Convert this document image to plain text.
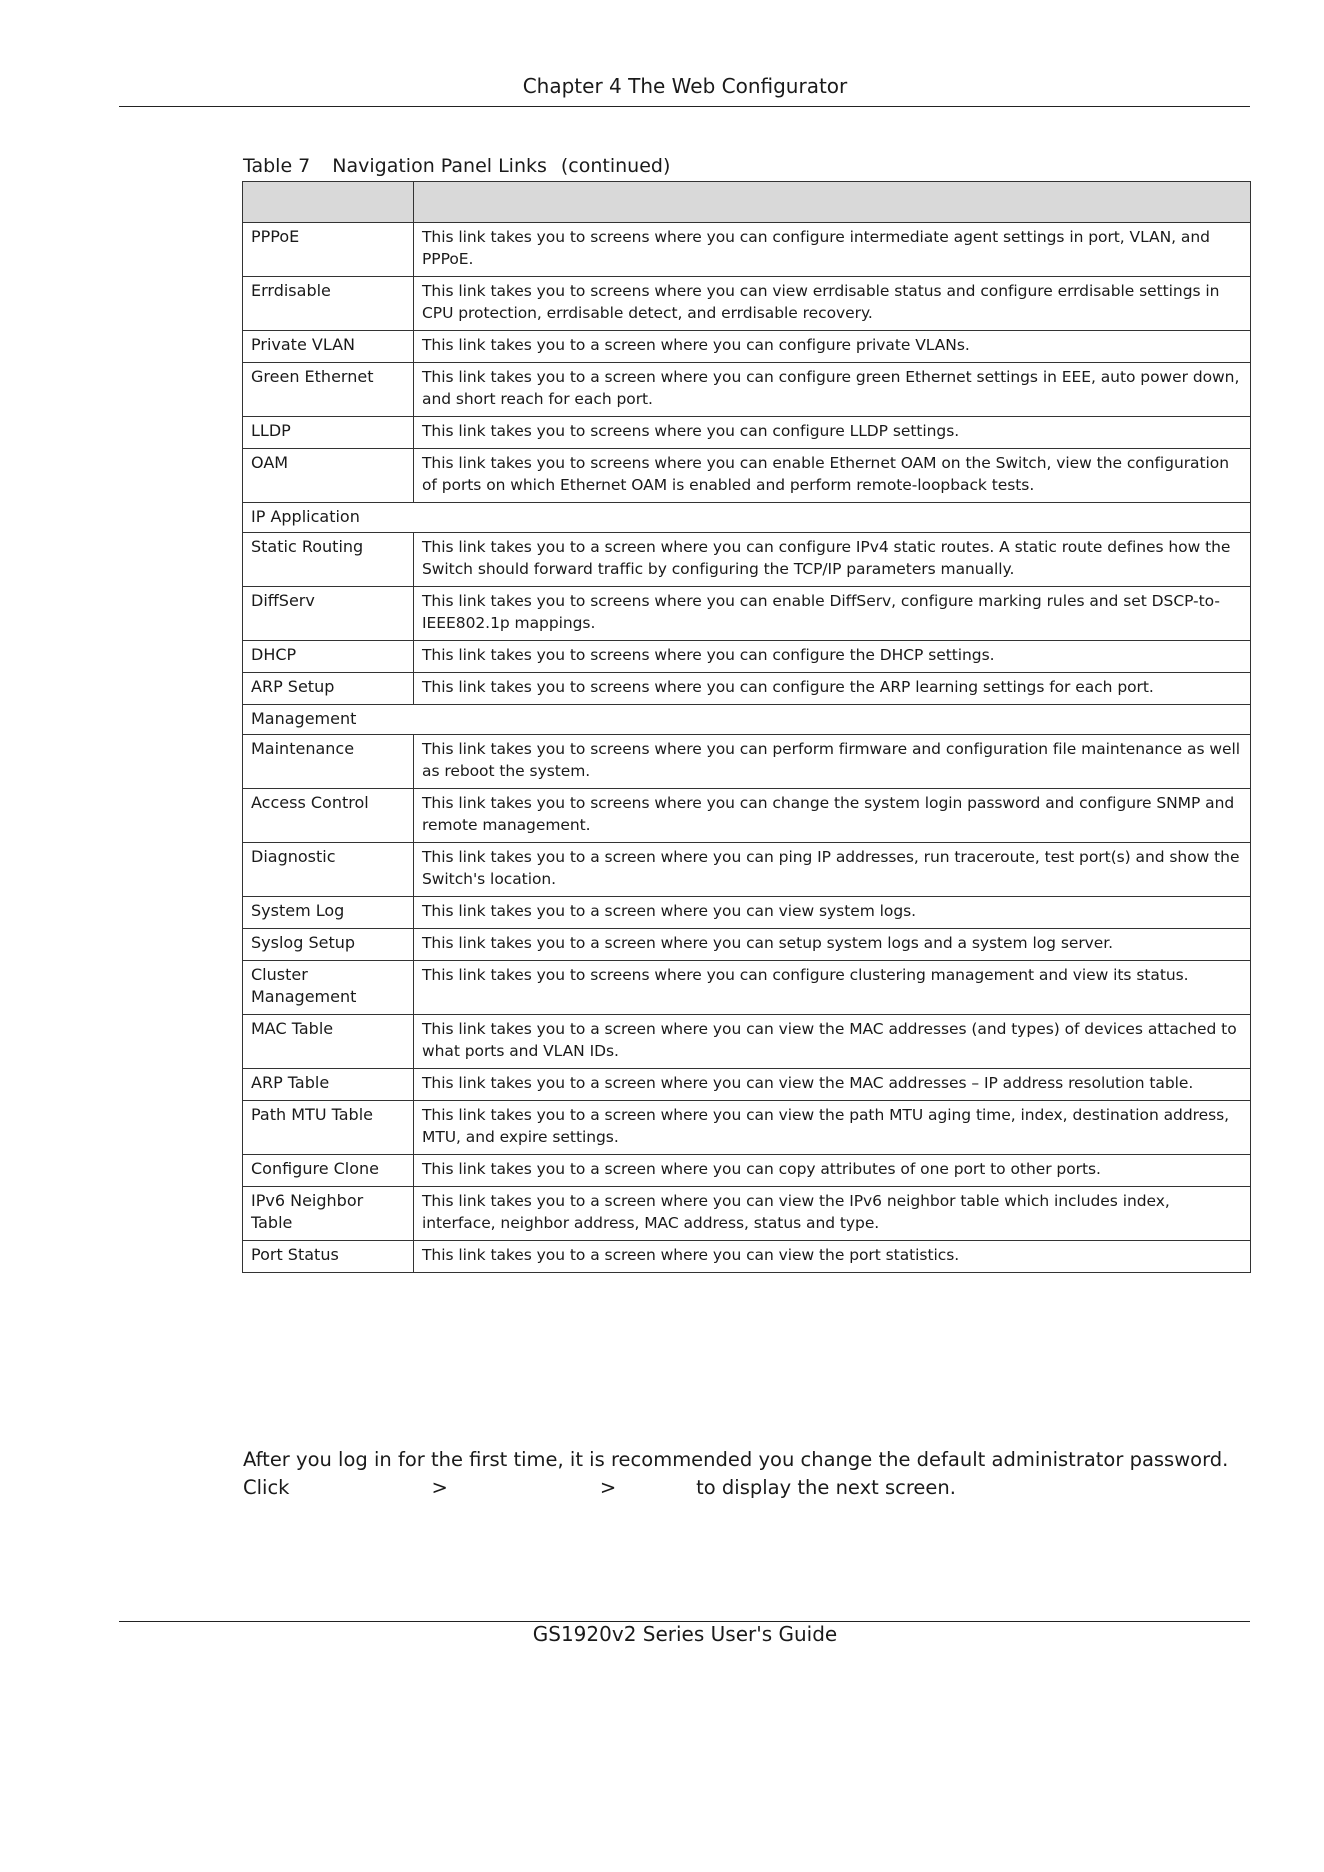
Chapter 4 The Web Configurator
Table 7 Navigation Panel Links (continued)

PPPoE	This link takes you to screens where you can configure intermediate agent settings in port, VLAN, and PPPoE.
Errdisable	This link takes you to screens where you can view errdisable status and configure errdisable settings in CPU protection, errdisable detect, and errdisable recovery.
Private VLAN	This link takes you to a screen where you can configure private VLANs.
Green Ethernet	This link takes you to a screen where you can configure green Ethernet settings in EEE, auto power down, and short reach for each port.
LLDP	This link takes you to screens where you can configure LLDP settings.
OAM	This link takes you to screens where you can enable Ethernet OAM on the Switch, view the configuration of ports on which Ethernet OAM is enabled and perform remote-loopback tests.
IP Application	
Static Routing	This link takes you to a screen where you can configure IPv4 static routes. A static route defines how the Switch should forward traffic by configuring the TCP/IP parameters manually.
DiffServ	This link takes you to screens where you can enable DiffServ, configure marking rules and set DSCP-to-IEEE802.1p mappings.
DHCP	This link takes you to screens where you can configure the DHCP settings.
ARP Setup	This link takes you to screens where you can configure the ARP learning settings for each port.
Management	
Maintenance	This link takes you to screens where you can perform firmware and configuration file maintenance as well as reboot the system.
Access Control	This link takes you to screens where you can change the system login password and configure SNMP and remote management.
Diagnostic	This link takes you to a screen where you can ping IP addresses, run traceroute, test port(s) and show the Switch's location.
System Log	This link takes you to a screen where you can view system logs.
Syslog Setup	This link takes you to a screen where you can setup system logs and a system log server.
Cluster Management	This link takes you to screens where you can configure clustering management and view its status.
MAC Table	This link takes you to a screen where you can view the MAC addresses (and types) of devices attached to what ports and VLAN IDs.
ARP Table	This link takes you to a screen where you can view the MAC addresses – IP address resolution table.
Path MTU Table	This link takes you to a screen where you can view the path MTU aging time, index, destination address, MTU, and expire settings.
Configure Clone	This link takes you to a screen where you can copy attributes of one port to other ports.
IPv6 Neighbor Table	This link takes you to a screen where you can view the IPv6 neighbor table which includes index, interface, neighbor address, MAC address, status and type.
Port Status	This link takes you to a screen where you can view the port statistics.
After you log in for the first time, it is recommended you change the default administrator password.
Click	>	>	to display the next screen.
GS1920v2 Series User's Guide
